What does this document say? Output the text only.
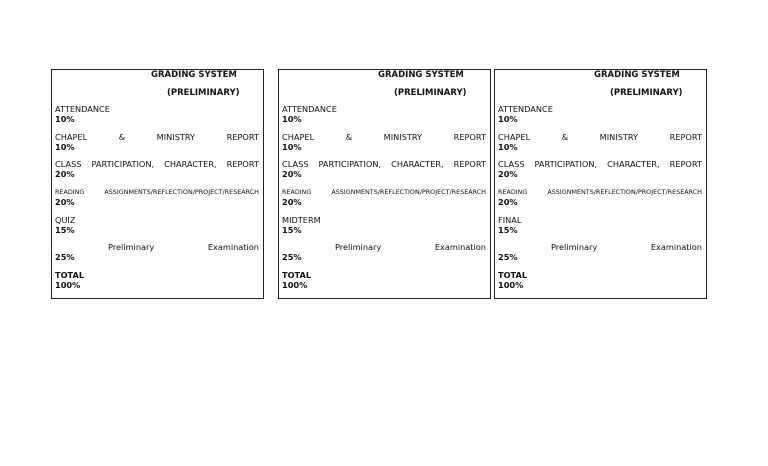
GRADING SYSTEM
(PRELIMINARY)
ATTENDANCE
10%
CHAPEL	&	MINISTRY	REPORT
10%
CLASS PARTICIPATION, CHARACTER, REPORT
20%
READING	ASSIGNMENTS/REFLECTION/PROJECT/RESEARCH
20%
QUIZ
15%
Preliminary	Examination
25%
TOTAL
100%
GRADING SYSTEM
(PRELIMINARY)
ATTENDANCE
10%
CHAPEL	&	MINISTRY	REPORT
10%
CLASS PARTICIPATION, CHARACTER, REPORT
20%
READING	ASSIGNMENTS/REFLECTION/PROJECT/RESEARCH
20%
MIDTERM
15%
Preliminary	Examination
25%
TOTAL
100%
GRADING SYSTEM
(PRELIMINARY)
ATTENDANCE
10%
CHAPEL	&	MINISTRY	REPORT
10%
CLASS PARTICIPATION, CHARACTER, REPORT
20%
READING	ASSIGNMENTS/REFLECTION/PROJECT/RESEARCH
20%
FINAL
15%
Preliminary	Examination
25%
TOTAL
100%
